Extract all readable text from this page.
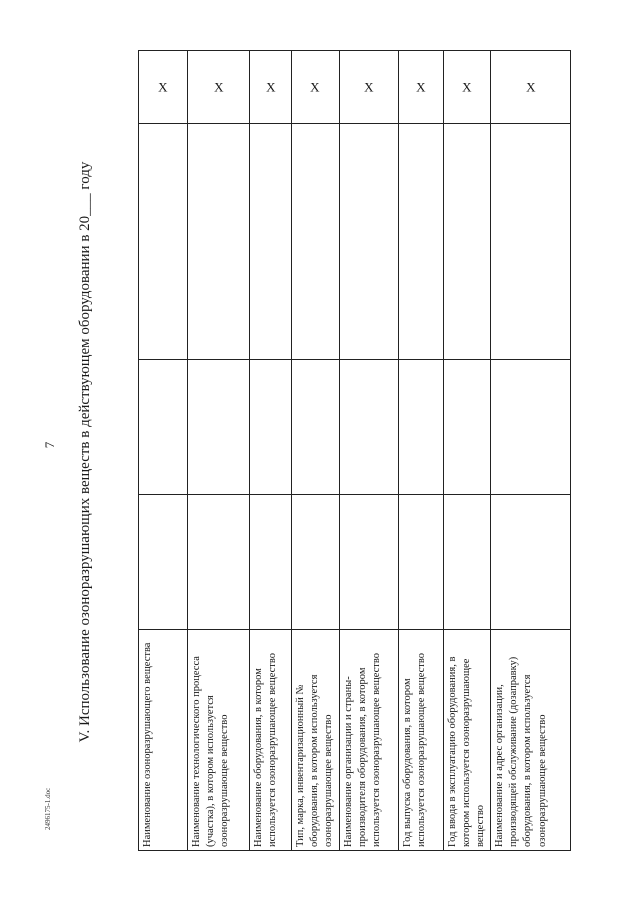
7 V. Использование озоноразрушающих веществ в действующем оборудовании в 20___ году
2496175-1.doc	Наименование озоноразрушающего вещества				X
Наименование технологического процесса (участка), в котором используется озоноразрушающее вещество				X
Наименование оборудования, в котором используется озоноразрушающее вещество				X
Тип, марка, инвентаризационный № оборудования, в котором используется озоноразрушающее вещество				X
Наименование организации и страны-производителя оборудования, в котором используется озоноразрушающее вещество				X
Год выпуска оборудования, в котором используется озоноразрушающее вещество				X
Год ввода в эксплуатацию оборудования, в котором используется озоноразрушающее вещество				X
Наименование и адрес организации, производящей обслуживание (дозаправку) оборудования, в котором используется озоноразрушающее вещество				X
